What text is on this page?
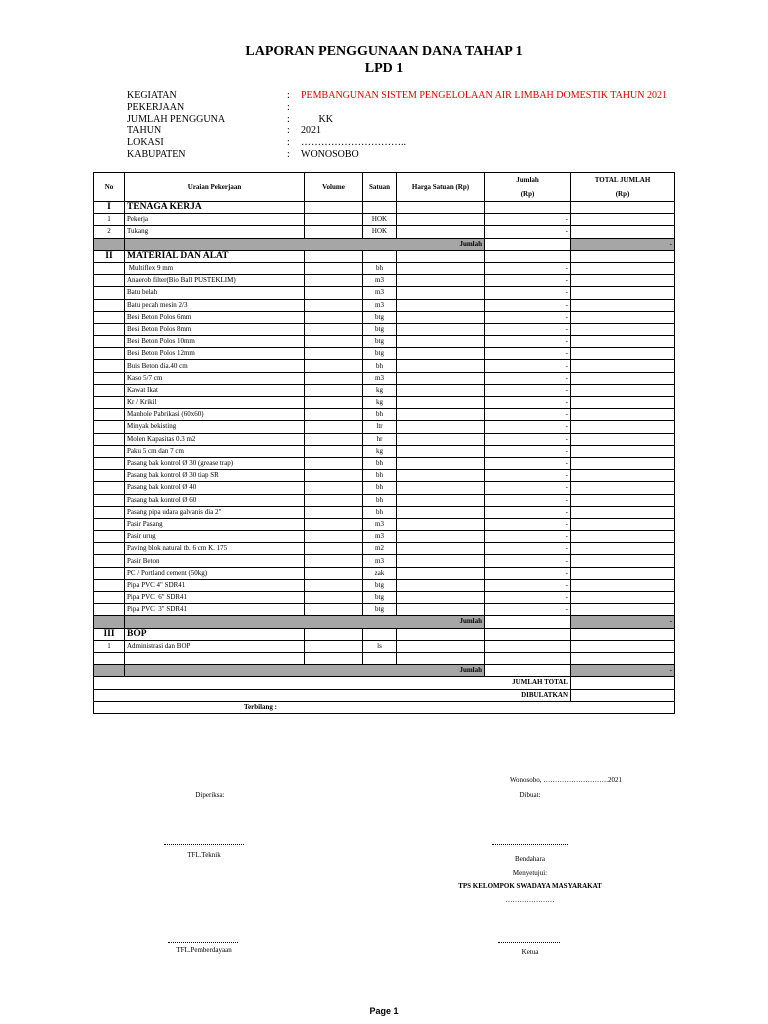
LAPORAN PENGGUNAAN DANA TAHAP 1
LPD 1
KEGIATAN	:	PEMBANGUNAN SISTEM PENGELOLAAN AIR LIMBAH DOMESTIK TAHUN 2021
PEKERJAAN	:
JUMLAH PENGGUNA	:	KK
TAHUN	:	2021
LOKASI	:	…………………………..
KABUPATEN	:	WONOSOBO
No	Uraian Pekerjaan	Volume	Satuan	Harga Satuan (Rp)	Jumlah
(Rp)	TOTAL JUMLAH
(Rp)
I	TENAGA KERJA					
1	Pekerja		HOK		-	
2	Tukang		HOK		-	
	Jumlah					-
II	MATERIAL DAN ALAT					
	Multiflex 9 mm		bh		-	
	Anaerob filter(Bio Ball PUSTEKLIM)		m3		-	
	Batu belah		m3		-	
	Batu pecah mesin 2/3		m3		-	
	Besi Beton Polos 6mm		btg		-	
	Besi Beton Polos 8mm		btg		-	
	Besi Beton Polos 10mm		btg		-	
	Besi Beton Polos 12mm		btg		-	
	Buis Beton dia.40 cm		bh		-	
	Kaso 5/7 cm		m3		-	
	Kawat Ikat		kg		-	
	Kr / Krikil		kg		-	
	Manhole Pabrikasi (60x60)		bh		-	
	Minyak bekisting		ltr		-	
	Molen Kapasitas 0.3 m2		hr		-	
	Paku 5 cm dan 7 cm		kg		-	
	Pasang bak kontrol Ø 30 (grease trap)		bh		-	
	Pasang bak kontrol Ø 30 tiap SR		bh		-	
	Pasang bak kontrol Ø 40		bh		-	
	Pasang bak kontrol Ø 60		bh		-	
	Pasang pipa udara galvanis dia 2"		bh		-	
	Pasir Pasang		m3		-	
	Pasir urug		m3		-	
	Paving blok natural tb. 6 cm K. 175		m2		-	
	Pasir Beton		m3		-	
	PC / Portland cement (50kg)		zak		-	
	Pipa PVC 4" SDR41		btg		-	
	Pipa PVC  6" SDR41		btg		-	
	Pipa PVC  3" SDR41		btg		-	
	Jumlah					-
III	BOP					
1	Administrasi dan BOP		ls			

	Jumlah					-
JUMLAH TOTAL						
DIBULATKAN						
Terbilang :						
Wonosobo, ……………………….2021
Diperiksa:	Dibuat:
TFL.Teknik	Bendahara
Menyetujui:
TPS KELOMPOK SWADAYA MASYARAKAT
…………………
TFL.Pemberdayaan	Ketua
Page 1
